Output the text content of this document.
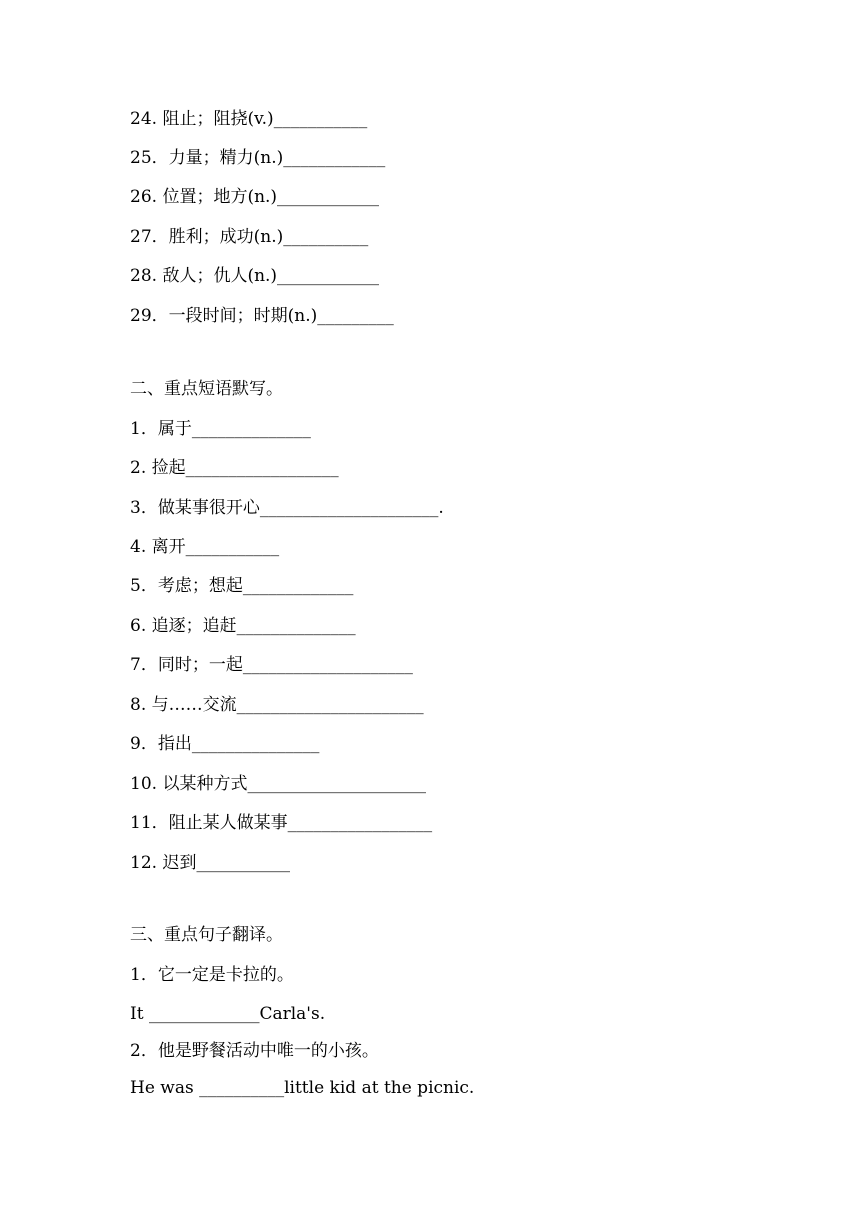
24. 阻止；阻挠(v.)___________
25．力量；精力(n.)____________
26. 位置；地方(n.)____________
27．胜利；成功(n.)__________
28. 敌人；仇人(n.)____________
29．一段时间；时期(n.)_________
二、重点短语默写。
1．属于______________
2. 捡起__________________
3．做某事很开心_____________________.
4. 离开___________
5．考虑；想起_____________
6. 追逐；追赶______________
7．同时；一起____________________
8. 与……交流______________________
9．指出_______________
10. 以某种方式_____________________
11．阻止某人做某事_________________
12. 迟到___________
三、重点句子翻译。
1．它一定是卡拉的。
It _____________Carla's.
2．他是野餐活动中唯一的小孩。
He was __________little kid at the picnic.
